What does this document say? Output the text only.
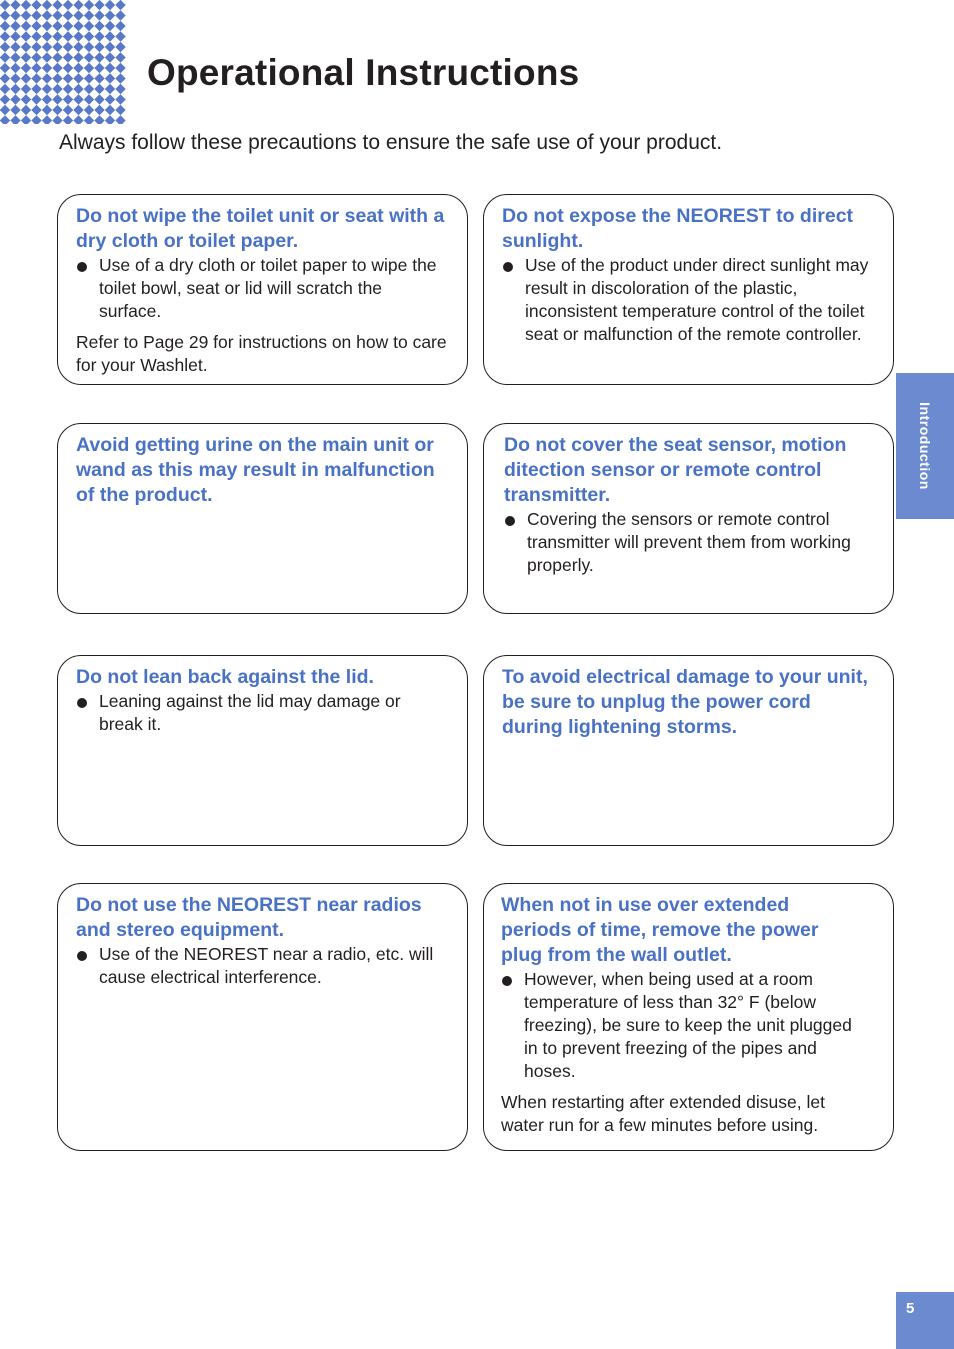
Operational Instructions

Always follow these precautions to ensure the safe use of your product.

Do not wipe the toilet unit or seat with a dry cloth or toilet paper.
Use of a dry cloth or toilet paper to wipe the toilet bowl, seat or lid will scratch the surface.

Refer to Page 29 for instructions on how to care for your Washlet.

Do not expose the NEOREST to direct sunlight.
Use of the product under direct sunlight may result in discoloration of the plastic, inconsistent temperature control of the toilet seat or malfunction of the remote controller.
Avoid getting urine on the main unit or wand as this may result in malfunction of the product.
Do not cover the seat sensor, motion ditection sensor or remote control transmitter.
Covering the sensors or remote control transmitter will prevent them from working properly.
Do not lean back against the lid.
Leaning against the lid may damage or break it.
To avoid electrical damage to your unit, be sure to unplug the power cord during lightening storms.
Do not use the NEOREST near radios and stereo equipment.
Use of the NEOREST near a radio, etc. will cause electrical interference.
When not in use over extended periods of time, remove the power plug from the wall outlet.
However, when being used at a room temperature of less than 32° F (below freezing), be sure to keep the unit plugged in to prevent freezing of the pipes and hoses.

When restarting after extended disuse, let water run for a few minutes before using.

Introduction
5
